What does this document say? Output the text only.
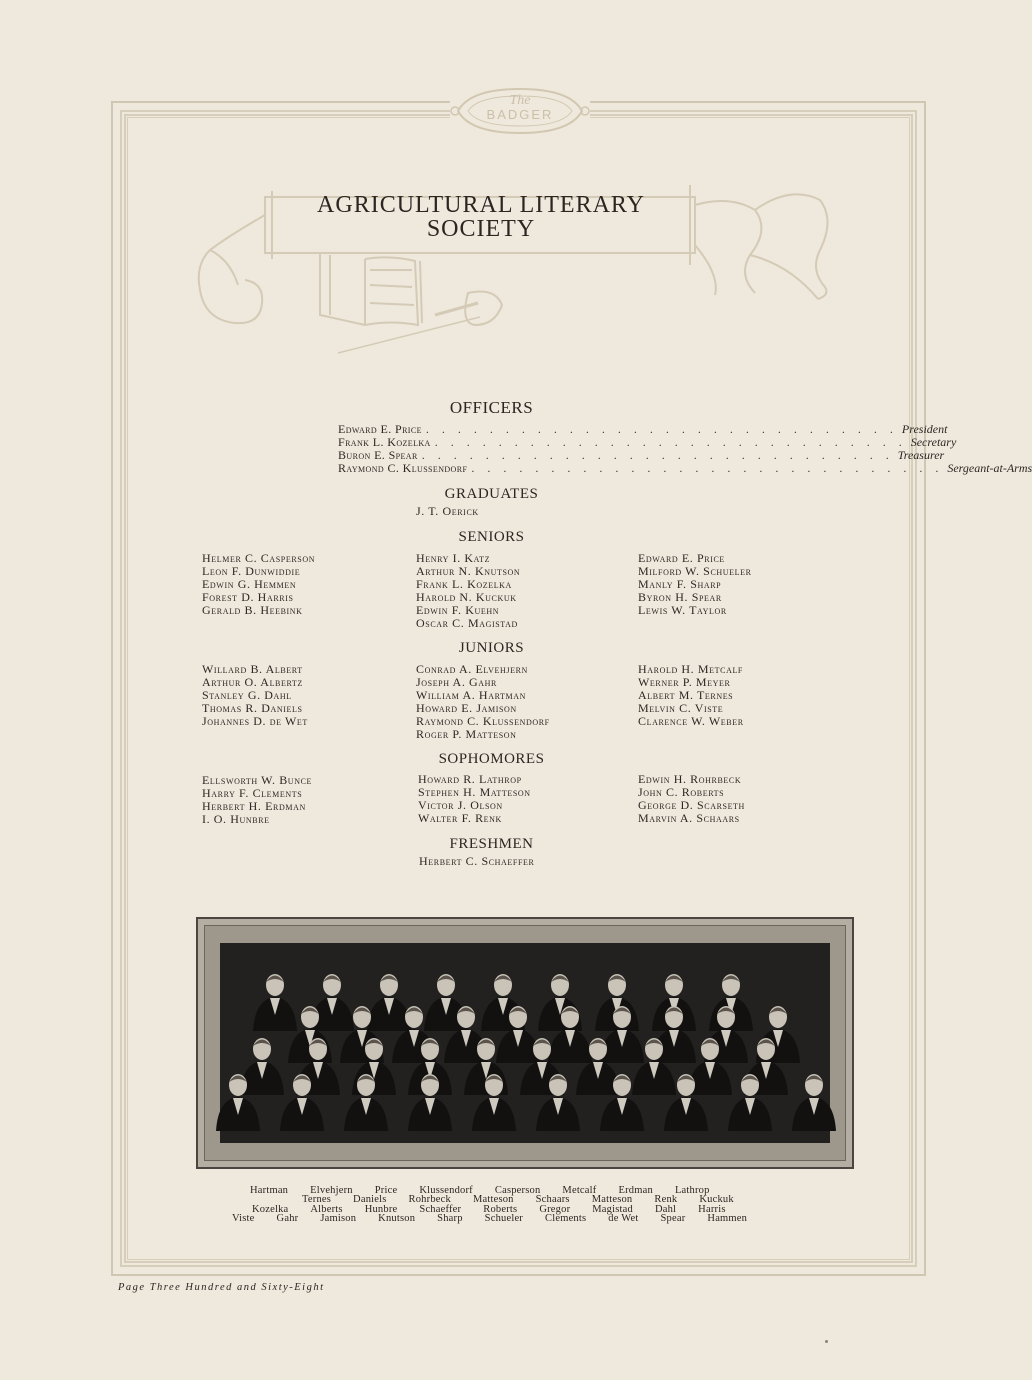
The
BADGER
AGRICULTURAL LITERARY
SOCIETY
OFFICERS
Edward E. Price . . . . . . . . . . . . . . . . . . . . . . . . . . . . . . President
Frank L. Kozelka . . . . . . . . . . . . . . . . . . . . . . . . . . . . . . Secretary
Buron E. Spear . . . . . . . . . . . . . . . . . . . . . . . . . . . . . . Treasurer
Raymond C. Klussendorf . . . . . . . . . . . . . . . . . . . . . . . . . . . . . . Sergeant-at-Arms
GRADUATES
J. T. Oerick
SENIORS
Helmer C. Casperson
Leon F. Dunwiddie
Edwin G. Hemmen
Forest D. Harris
Gerald B. Heebink
Henry I. Katz
Arthur N. Knutson
Frank L. Kozelka
Harold N. Kuckuk
Edwin F. Kuehn
Oscar C. Magistad
Edward E. Price
Milford W. Schueler
Manly F. Sharp
Byron H. Spear
Lewis W. Taylor
JUNIORS
Willard B. Albert
Arthur O. Albertz
Stanley G. Dahl
Thomas R. Daniels
Johannes D. de Wet
Conrad A. Elvehjern
Joseph A. Gahr
William A. Hartman
Howard E. Jamison
Raymond C. Klussendorf
Roger P. Matteson
Harold H. Metcalf
Werner P. Meyer
Albert M. Ternes
Melvin C. Viste
Clarence W. Weber
SOPHOMORES
Ellsworth W. Bunce
Harry F. Clements
Herbert H. Erdman
I. O. Hunbre
Howard R. Lathrop
Stephen H. Matteson
Victor J. Olson
Walter F. Renk
Edwin H. Rohrbeck
John C. Roberts
George D. Scarseth
Marvin A. Schaars
FRESHMEN
Herbert C. Schaeffer
Hartman Elvehjern Price Klussendorf Casperson Metcalf Erdman Lathrop
Ternes Daniels Rohrbeck Matteson Schaars Matteson Renk Kuckuk
Kozelka Alberts Hunbre Schaeffer Roberts Gregor Magistad Dahl Harris
Viste Gahr Jamison Knutson Sharp Schueler Clements de Wet Spear Hammen
Page Three Hundred and Sixty-Eight
